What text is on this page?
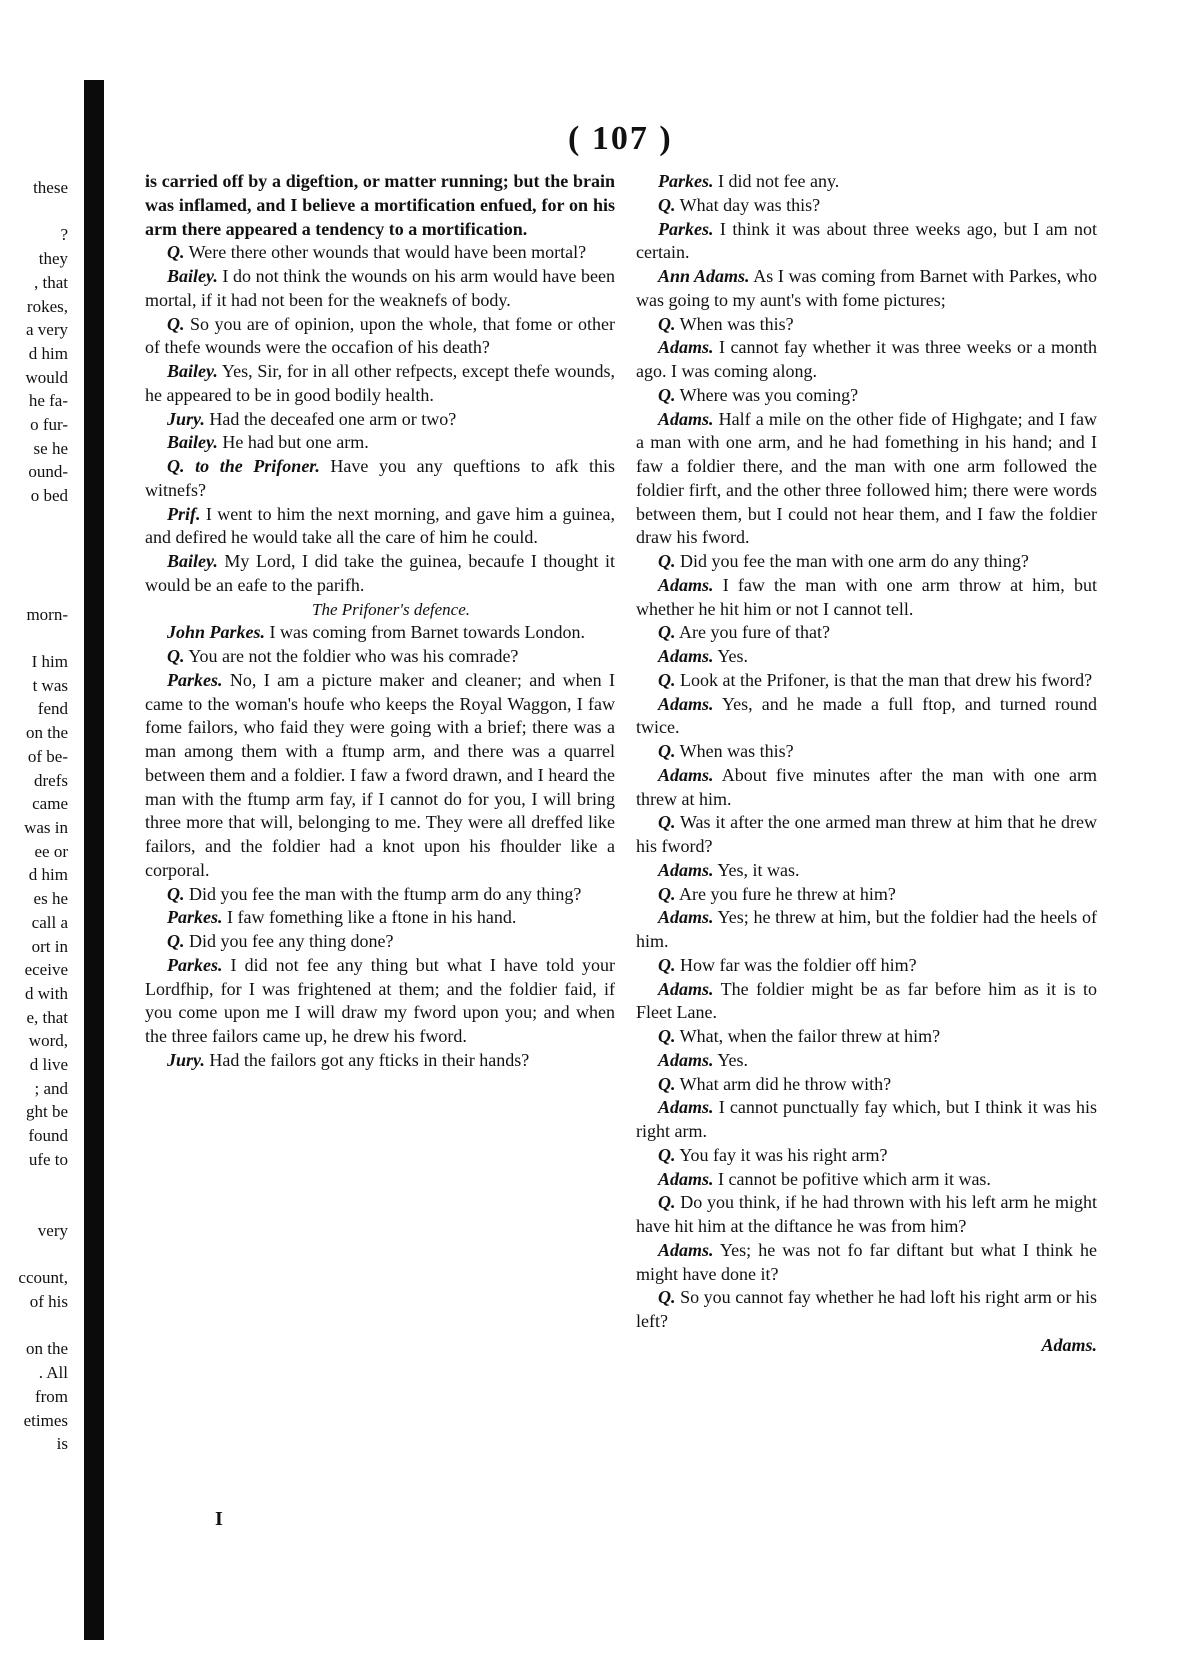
these

?
they
, that
rokes,
a very
d him
would
he fa-
o fur-
se he
ound-
o bed

morn-

I him
t was
fend
on the
of be-
drefs
came
was in
ee or
d him
es he
call a
ort in
eceive
d with
e, that
word,
d live
; and
ght be
found
ufe to

very

ccount,
of his

on the
. All
from
etimes
is
( 107 )

is carried off by a digeftion, or matter running; but the brain was inflamed, and I believe a mortification enfued, for on his arm there appeared a tendency to a mortification.

Q. Were there other wounds that would have been mortal?

Bailey. I do not think the wounds on his arm would have been mortal, if it had not been for the weaknefs of body.

Q. So you are of opinion, upon the whole, that fome or other of thefe wounds were the occafion of his death?

Bailey. Yes, Sir, for in all other refpects, except thefe wounds, he appeared to be in good bodily health.

Jury. Had the deceafed one arm or two?

Bailey. He had but one arm.

Q. to the Prifoner. Have you any queftions to afk this witnefs?

Prif. I went to him the next morning, and gave him a guinea, and defired he would take all the care of him he could.

Bailey. My Lord, I did take the guinea, becaufe I thought it would be an eafe to the parifh.

The Prifoner's defence.

John Parkes. I was coming from Barnet towards London.

Q. You are not the foldier who was his comrade?

Parkes. No, I am a picture maker and cleaner; and when I came to the woman's houfe who keeps the Royal Waggon, I faw fome failors, who faid they were going with a brief; there was a man among them with a ftump arm, and there was a quarrel between them and a foldier. I faw a fword drawn, and I heard the man with the ftump arm fay, if I cannot do for you, I will bring three more that will, belonging to me. They were all dreffed like failors, and the foldier had a knot upon his fhoulder like a corporal.

Q. Did you fee the man with the ftump arm do any thing?

Parkes. I faw fomething like a ftone in his hand.

Q. Did you fee any thing done?

Parkes. I did not fee any thing but what I have told your Lordfhip, for I was frightened at them; and the foldier faid, if you come upon me I will draw my fword upon you; and when the three failors came up, he drew his fword.

Jury. Had the failors got any fticks in their hands?

Parkes. I did not fee any.

Q. What day was this?

Parkes. I think it was about three weeks ago, but I am not certain.

Ann Adams. As I was coming from Barnet with Parkes, who was going to my aunt's with fome pictures;

Q. When was this?

Adams. I cannot fay whether it was three weeks or a month ago. I was coming along.

Q. Where was you coming?

Adams. Half a mile on the other fide of Highgate; and I faw a man with one arm, and he had fomething in his hand; and I faw a foldier there, and the man with one arm followed the foldier firft, and the other three followed him; there were words between them, but I could not hear them, and I faw the foldier draw his fword.

Q. Did you fee the man with one arm do any thing?

Adams. I faw the man with one arm throw at him, but whether he hit him or not I cannot tell.

Q. Are you fure of that?

Adams. Yes.

Q. Look at the Prifoner, is that the man that drew his fword?

Adams. Yes, and he made a full ftop, and turned round twice.

Q. When was this?

Adams. About five minutes after the man with one arm threw at him.

Q. Was it after the one armed man threw at him that he drew his fword?

Adams. Yes, it was.

Q. Are you fure he threw at him?

Adams. Yes; he threw at him, but the foldier had the heels of him.

Q. How far was the foldier off him?

Adams. The foldier might be as far before him as it is to Fleet Lane.

Q. What, when the failor threw at him?

Adams. Yes.

Q. What arm did he throw with?

Adams. I cannot punctually fay which, but I think it was his right arm.

Q. You fay it was his right arm?

Adams. I cannot be pofitive which arm it was.

Q. Do you think, if he had thrown with his left arm he might have hit him at the diftance he was from him?

Adams. Yes; he was not fo far diftant but what I think he might have done it?

Q. So you cannot fay whether he had loft his right arm or his left?

Adams.

I
